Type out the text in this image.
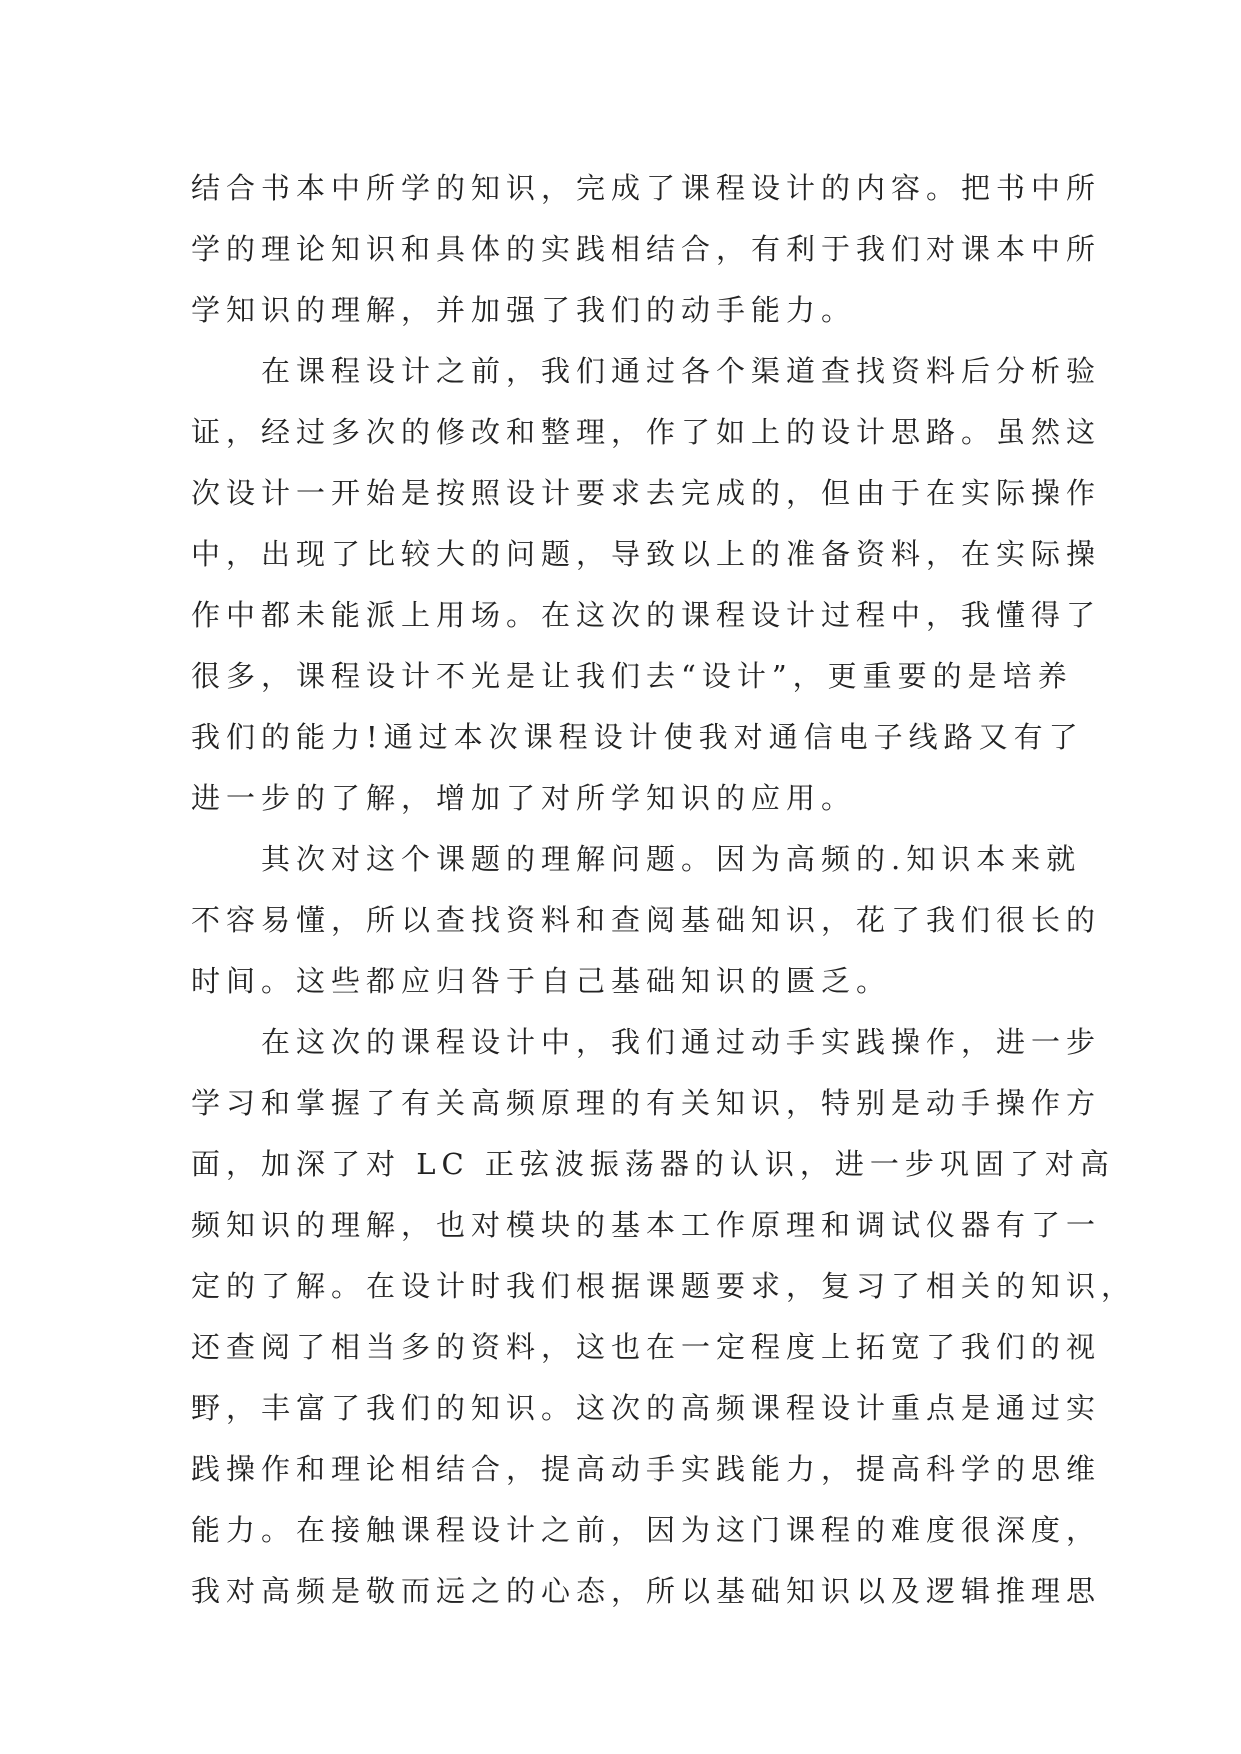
结合书本中所学的知识，完成了课程设计的内容。把书中所
学的理论知识和具体的实践相结合，有利于我们对课本中所
学知识的理解，并加强了我们的动手能力。
在课程设计之前，我们通过各个渠道查找资料后分析验
证，经过多次的修改和整理，作了如上的设计思路。虽然这
次设计一开始是按照设计要求去完成的，但由于在实际操作
中，出现了比较大的问题，导致以上的准备资料，在实际操
作中都未能派上用场。在这次的课程设计过程中，我懂得了
很多，课程设计不光是让我们去“设计”，更重要的是培养
我们的能力!通过本次课程设计使我对通信电子线路又有了
进一步的了解，增加了对所学知识的应用。
其次对这个课题的理解问题。因为高频的.知识本来就
不容易懂，所以查找资料和查阅基础知识，花了我们很长的
时间。这些都应归咎于自己基础知识的匮乏。
在这次的课程设计中，我们通过动手实践操作，进一步
学习和掌握了有关高频原理的有关知识，特别是动手操作方
面，加深了对 LC 正弦波振荡器的认识，进一步巩固了对高
频知识的理解，也对模块的基本工作原理和调试仪器有了一
定的了解。在设计时我们根据课题要求，复习了相关的知识，
还查阅了相当多的资料，这也在一定程度上拓宽了我们的视
野，丰富了我们的知识。这次的高频课程设计重点是通过实
践操作和理论相结合，提高动手实践能力，提高科学的思维
能力。在接触课程设计之前，因为这门课程的难度很深度，
我对高频是敬而远之的心态，所以基础知识以及逻辑推理思
